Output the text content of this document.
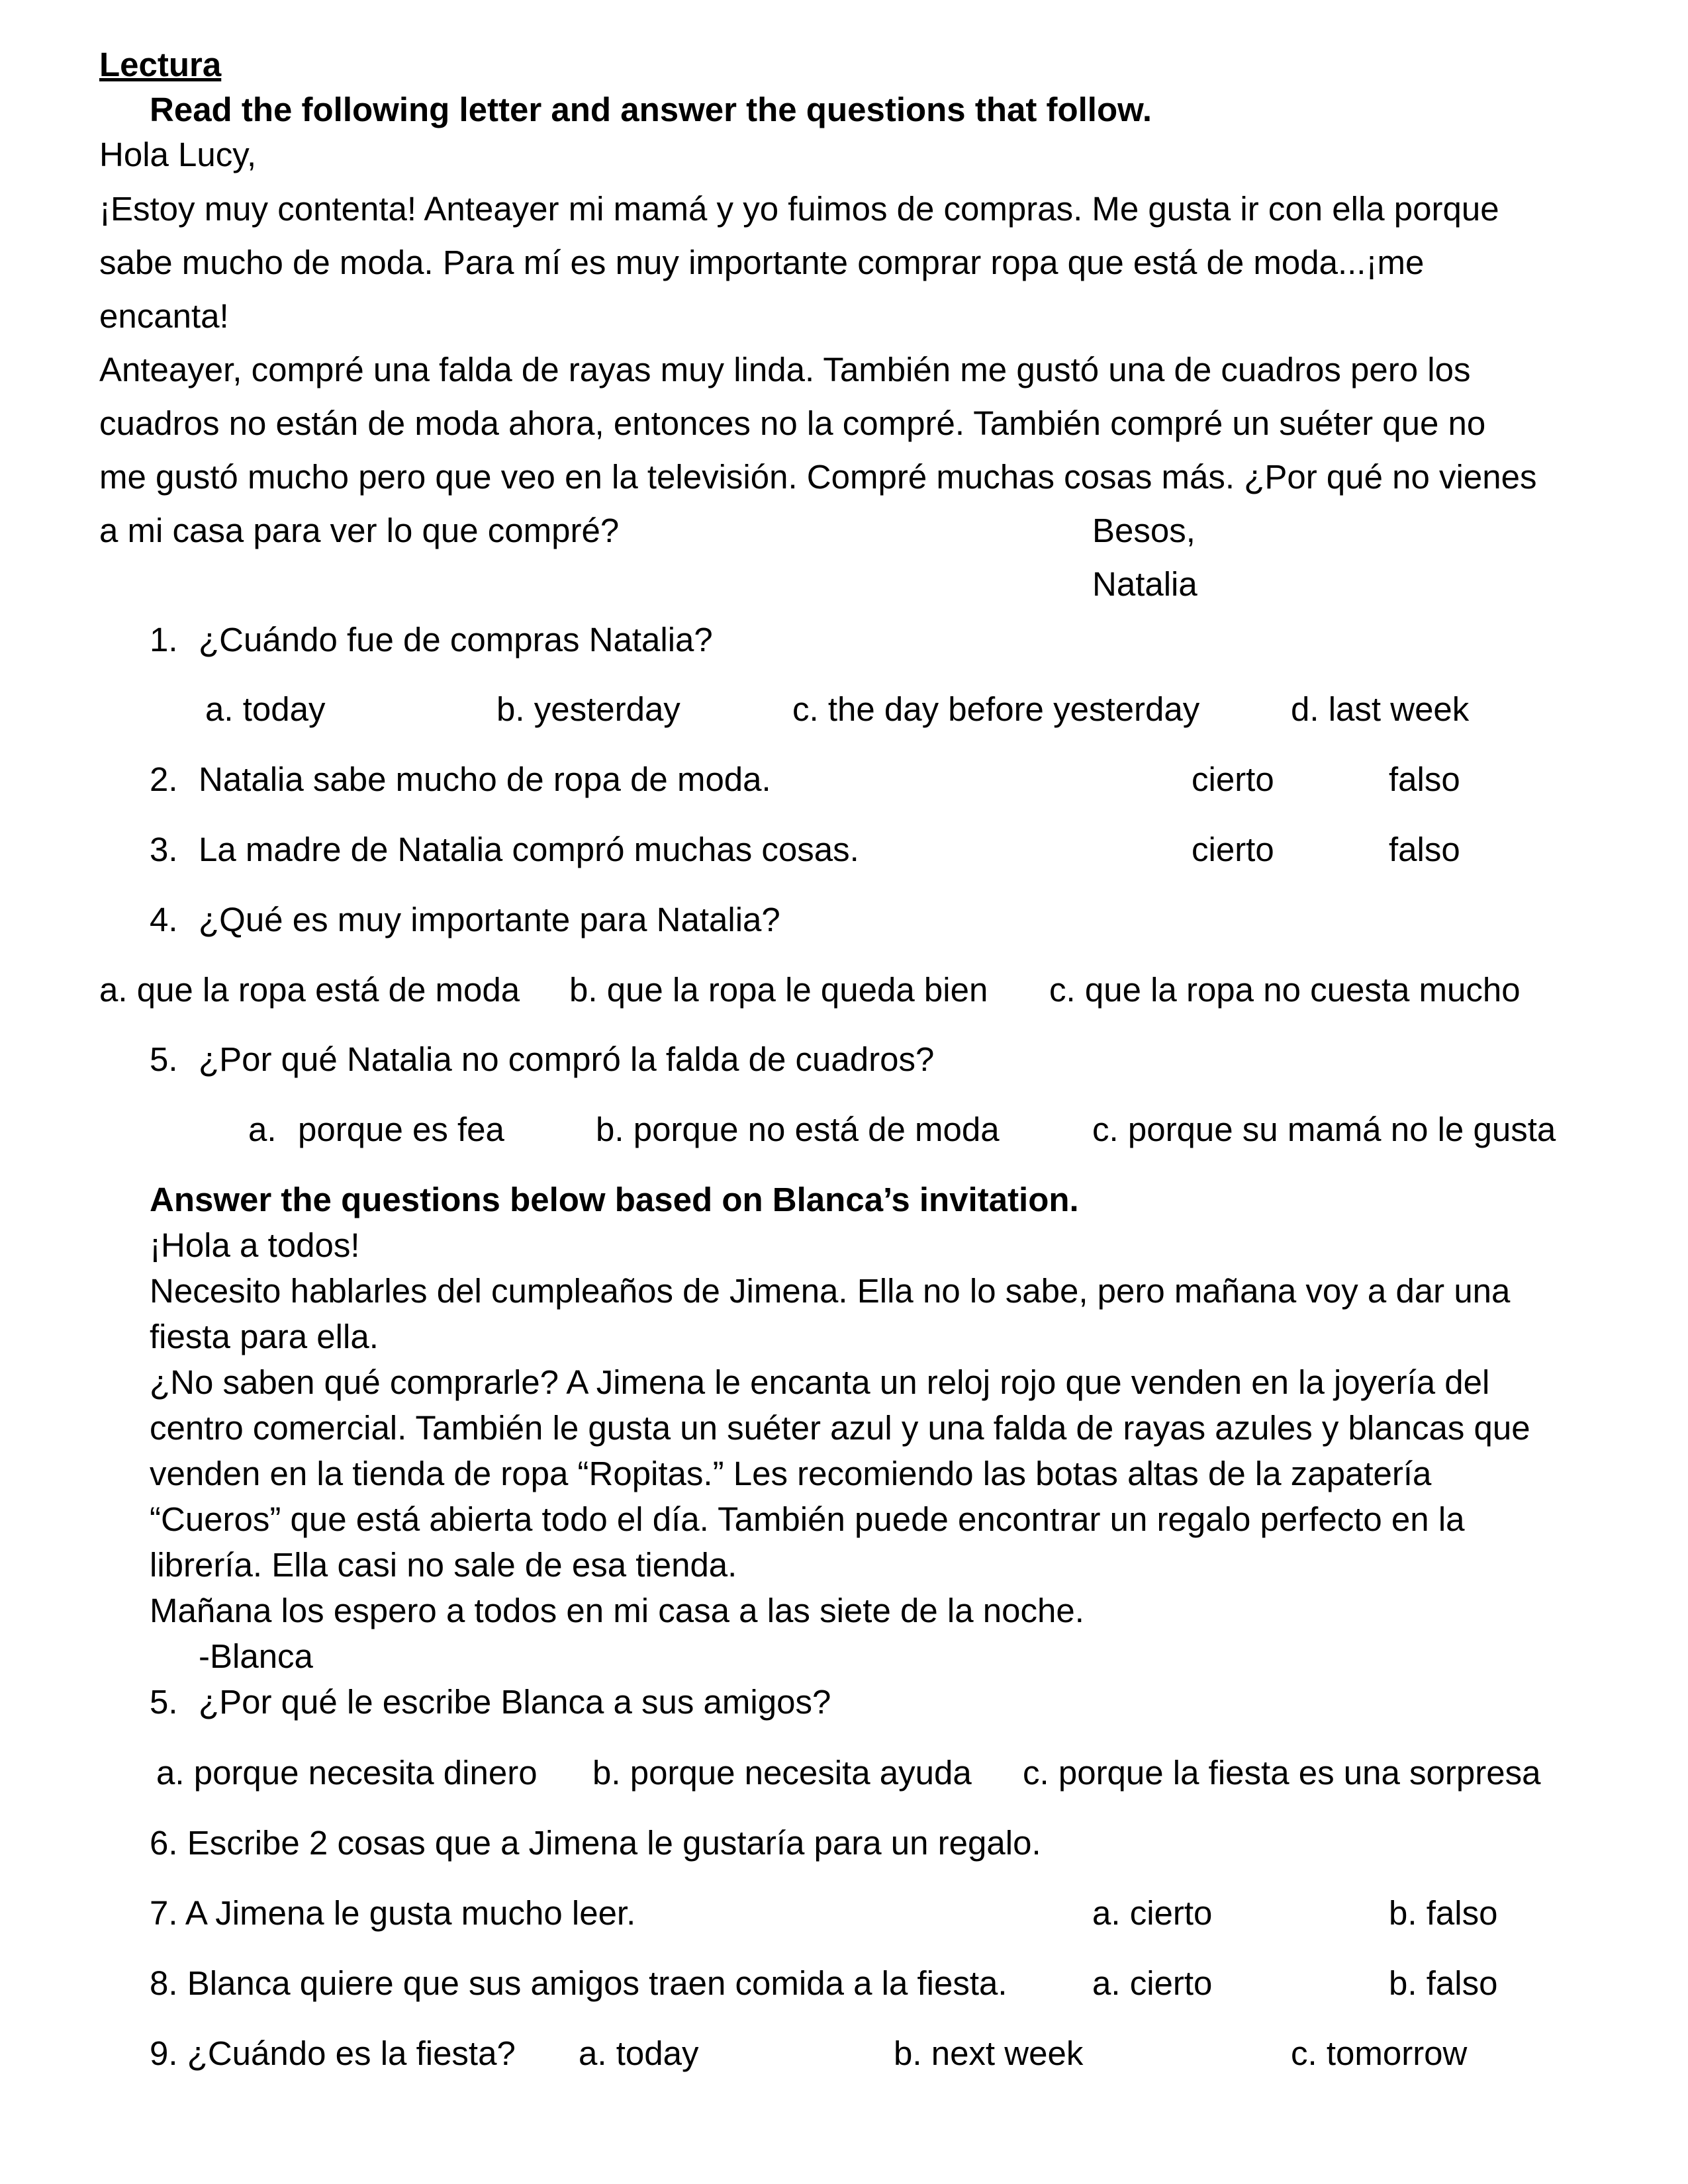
Lectura
Read the following letter and answer the questions that follow.
Hola Lucy,
¡Estoy muy contenta! Anteayer mi mamá y yo fuimos de compras. Me gusta ir con ella porque
sabe mucho de moda. Para mí es muy importante comprar ropa que está de moda...¡me
encanta!
Anteayer, compré una falda de rayas muy linda. También me gustó una de cuadros pero los
cuadros no están de moda ahora, entonces no la compré. También compré un suéter que no
me gustó mucho pero que veo en la televisión. Compré muchas cosas más. ¿Por qué no vienes
a mi casa para ver lo que compré?	Besos,
Natalia
1. ¿Cuándo fue de compras Natalia?
a. today	b. yesterday	c. the day before yesterday	d. last week
2. Natalia sabe mucho de ropa de moda.	cierto	falso
3. La madre de Natalia compró muchas cosas.	cierto	falso
4. ¿Qué es muy importante para Natalia?
a. que la ropa está de moda b. que la ropa le queda bien c. que la ropa no cuesta mucho
5. ¿Por qué Natalia no compró la falda de cuadros?
a. porque es fea	b. porque no está de moda	c. porque su mamá no le gusta
Answer the questions below based on Blanca’s invitation.
¡Hola a todos!
Necesito hablarles del cumpleaños de Jimena. Ella no lo sabe, pero mañana voy a dar una
fiesta para ella.
¿No saben qué comprarle? A Jimena le encanta un reloj rojo que venden en la joyería del
centro comercial. También le gusta un suéter azul y una falda de rayas azules y blancas que
venden en la tienda de ropa “Ropitas.” Les recomiendo las botas altas de la zapatería
“Cueros” que está abierta todo el día. También puede encontrar un regalo perfecto en la
librería. Ella casi no sale de esa tienda.
Mañana los espero a todos en mi casa a las siete de la noche.
-Blanca
5. ¿Por qué le escribe Blanca a sus amigos?
a. porque necesita dinero b. porque necesita ayuda c. porque la fiesta es una sorpresa
6. Escribe 2 cosas que a Jimena le gustaría para un regalo.
7. A Jimena le gusta mucho leer.	a. cierto	b. falso
8. Blanca quiere que sus amigos traen comida a la fiesta.	a. cierto	b. falso
9. ¿Cuándo es la fiesta? a. today	b. next week	c. tomorrow
